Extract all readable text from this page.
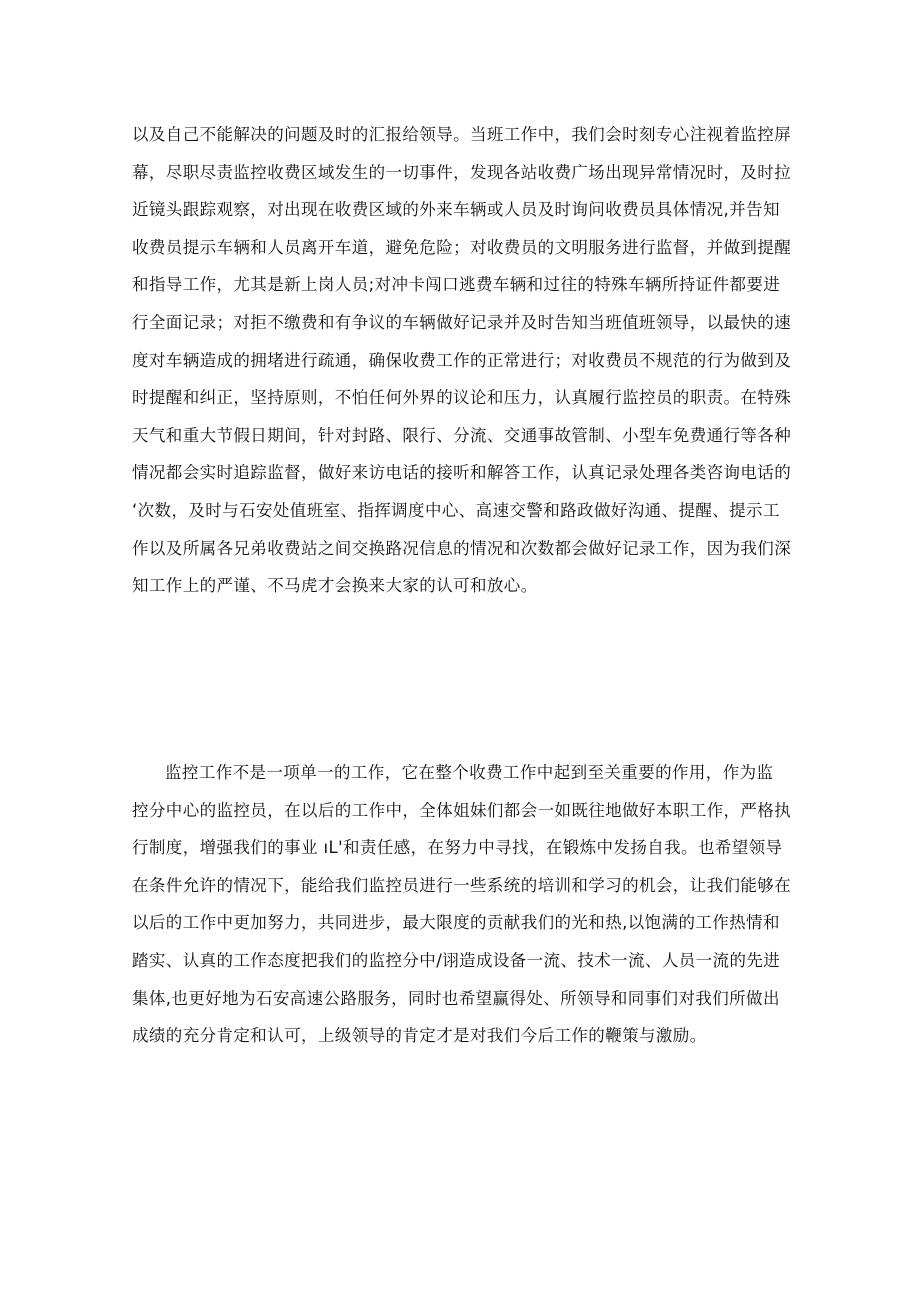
以及自己不能解决的问题及时的汇报给领导。当班工作中，我们会时刻专心注视着监控屏
幕，尽职尽责监控收费区域发生的一切事件，发现各站收费广场出现异常情况时，及时拉
近镜头跟踪观察，对出现在收费区域的外来车辆或人员及时询问收费员具体情况,并告知
收费员提示车辆和人员离开车道，避免危险；对收费员的文明服务进行监督，并做到提醒
和指导工作，尤其是新上岗人员;对冲卡闯口逃费车辆和过往的特殊车辆所持证件都要进
行全面记录；对拒不缴费和有争议的车辆做好记录并及时告知当班值班领导，以最快的速
度对车辆造成的拥堵进行疏通，确保收费工作的正常进行；对收费员不规范的行为做到及
时提醒和纠正，坚持原则，不怕任何外界的议论和压力，认真履行监控员的职责。在特殊
天气和重大节假日期间，针对封路、限行、分流、交通事故管制、小型车免费通行等各种
情况都会实时追踪监督，做好来访电话的接听和解答工作，认真记录处理各类咨询电话的
‘次数，及时与石安处值班室、指挥调度中心、高速交警和路政做好沟通、提醒、提示工
作以及所属各兄弟收费站之间交换路况信息的情况和次数都会做好记录工作，因为我们深
知工作上的严谨、不马虎才会换来大家的认可和放心。
监控工作不是一项单一的工作，它在整个收费工作中起到至关重要的作用，作为监
控分中心的监控员，在以后的工作中，全体姐妹们都会一如既往地做好本职工作，严格执
行制度，增强我们的事业 ıL'和责任感，在努力中寻找，在锻炼中发扬自我。也希望领导
在条件允许的情况下，能给我们监控员进行一些系统的培训和学习的机会，让我们能够在
以后的工作中更加努力，共同进步，最大限度的贡献我们的光和热,以饱满的工作热情和
踏实、认真的工作态度把我们的监控分中/诩造成设备一流、技术一流、人员一流的先进
集体,也更好地为石安高速公路服务，同时也希望赢得处、所领导和同事们对我们所做出
成绩的充分肯定和认可，上级领导的肯定才是对我们今后工作的鞭策与激励。
